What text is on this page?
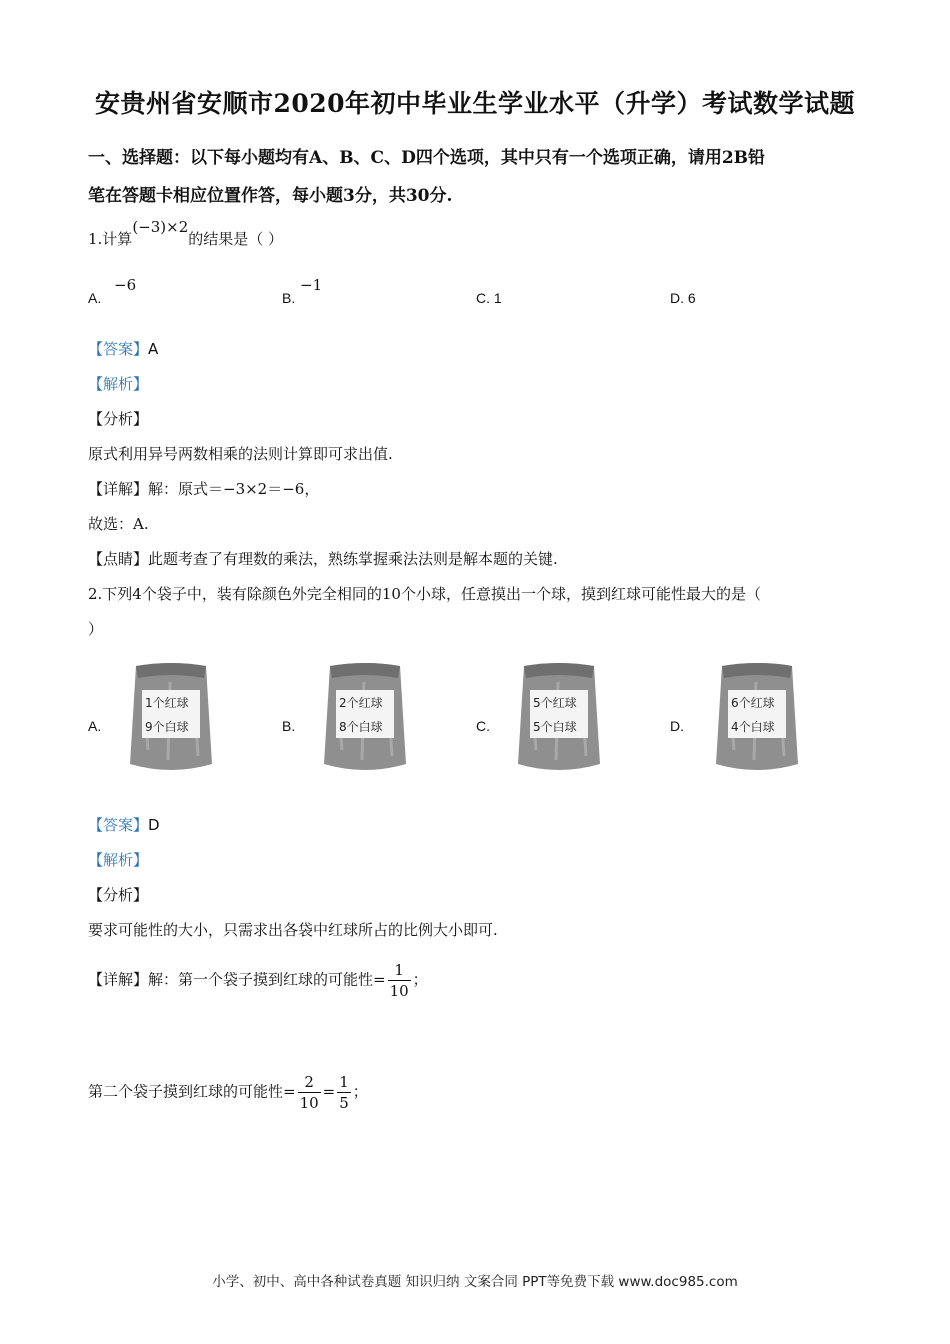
安贵州省安顺市2020年初中毕业生学业水平（升学）考试数学试题
一、选择题：以下每小题均有A、B、C、D四个选项，其中只有一个选项正确，请用2B铅
笔在答题卡相应位置作答，每小题3分，共30分.
1.计算(−3)×2的结果是（ ）
A.
−6
B.
−1
C. 1	D. 6
【答案】A
【解析】
【分析】
原式利用异号两数相乘的法则计算即可求出值.
【详解】解：原式＝−3×2＝−6，
故选：A.
【点睛】此题考查了有理数的乘法，熟练掌握乘法法则是解本题的关键.
2.下列4个袋子中，装有除颜色外完全相同的10个小球，任意摸出一个球，摸到红球可能性最大的是（
）
A.
1个红球
9个白球	B.
2个红球
8个白球	C.
5个红球
5个白球	D.
6个红球
4个白球
【答案】D
【解析】
【分析】
要求可能性的大小，只需求出各袋中红球所占的比例大小即可.
【详解】解：第一个袋子摸到红球的可能性= $\frac{1}{10}$ ；
第二个袋子摸到红球的可能性= $\frac{2}{10} = \frac{1}{5}$ ；
小学、初中、高中各种试卷真题 知识归纳 文案合同 PPT等免费下载 www.doc985.com
